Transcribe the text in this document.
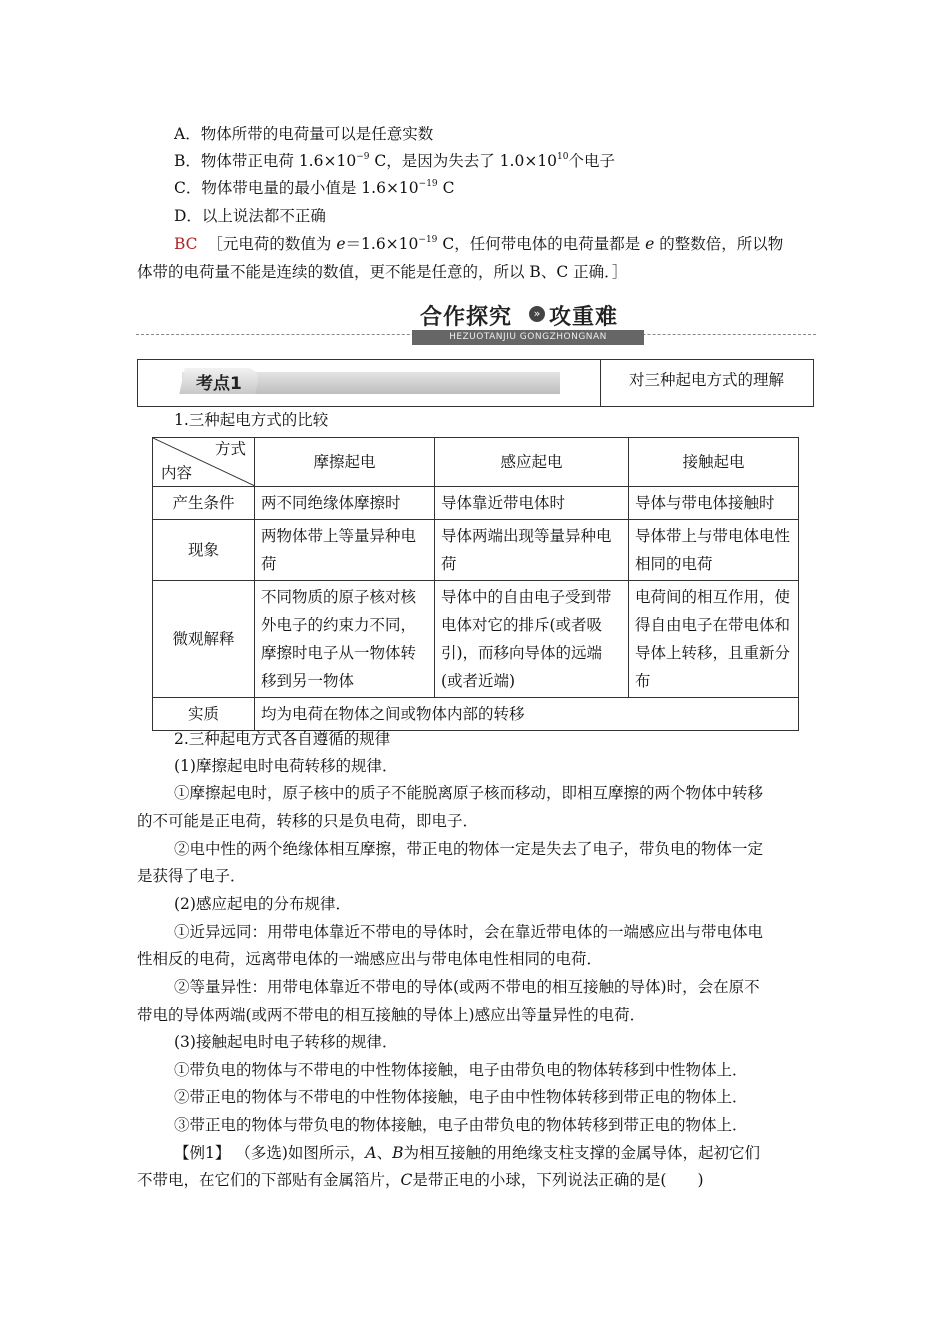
A．物体所带的电荷量可以是任意实数
B．物体带正电荷 $1.6\times 10^{-9}$ C，是因为失去了 $1.0\times 10^{10}$个电子
C．物体带电量的最小值是 $1.6\times 10^{-19}$ C
D．以上说法都不正确
BC ［元电荷的数值为 $e=1.6\times 10^{-19}$ C，任何带电体的电荷量都是 e 的整数倍，所以物
体带的电荷量不能是连续的数值，更不能是任意的，所以 B、C 正确．］
合作探究	» 攻重难
HEZUOTANJIU GONGZHONGNAN
考点1	对三种起电方式的理解
1.三种起电方式的比较
方式
内容	摩擦起电	感应起电	接触起电
产生条件	两不同绝缘体摩擦时	导体靠近带电体时	导体与带电体接触时
现象	两物体带上等量异种电荷	导体两端出现等量异种电荷	导体带上与带电体电性相同的电荷
微观解释	不同物质的原子核对核外电子的约束力不同，摩擦时电子从一物体转移到另一物体	导体中的自由电子受到带电体对它的排斥(或者吸引)，而移向导体的远端(或者近端)	电荷间的相互作用，使得自由电子在带电体和导体上转移，且重新分布
实质	均为电荷在物体之间或物体内部的转移		
2.三种起电方式各自遵循的规律
(1)摩擦起电时电荷转移的规律．
①摩擦起电时，原子核中的质子不能脱离原子核而移动，即相互摩擦的两个物体中转移
的不可能是正电荷，转移的只是负电荷，即电子．
②电中性的两个绝缘体相互摩擦，带正电的物体一定是失去了电子，带负电的物体一定
是获得了电子．
(2)感应起电的分布规律．
①近异远同：用带电体靠近不带电的导体时，会在靠近带电体的一端感应出与带电体电
性相反的电荷，远离带电体的一端感应出与带电体电性相同的电荷．
②等量异性：用带电体靠近不带电的导体(或两不带电的相互接触的导体)时，会在原不
带电的导体两端(或两不带电的相互接触的导体上)感应出等量异性的电荷．
(3)接触起电时电子转移的规律．
①带负电的物体与不带电的中性物体接触，电子由带负电的物体转移到中性物体上．
②带正电的物体与不带电的中性物体接触，电子由中性物体转移到带正电的物体上．
③带正电的物体与带负电的物体接触，电子由带负电的物体转移到带正电的物体上．
【例1】 （多选)如图所示，A、B为相互接触的用绝缘支柱支撑的金属导体，起初它们
不带电，在它们的下部贴有金属箔片，C是带正电的小球，下列说法正确的是(　　)
